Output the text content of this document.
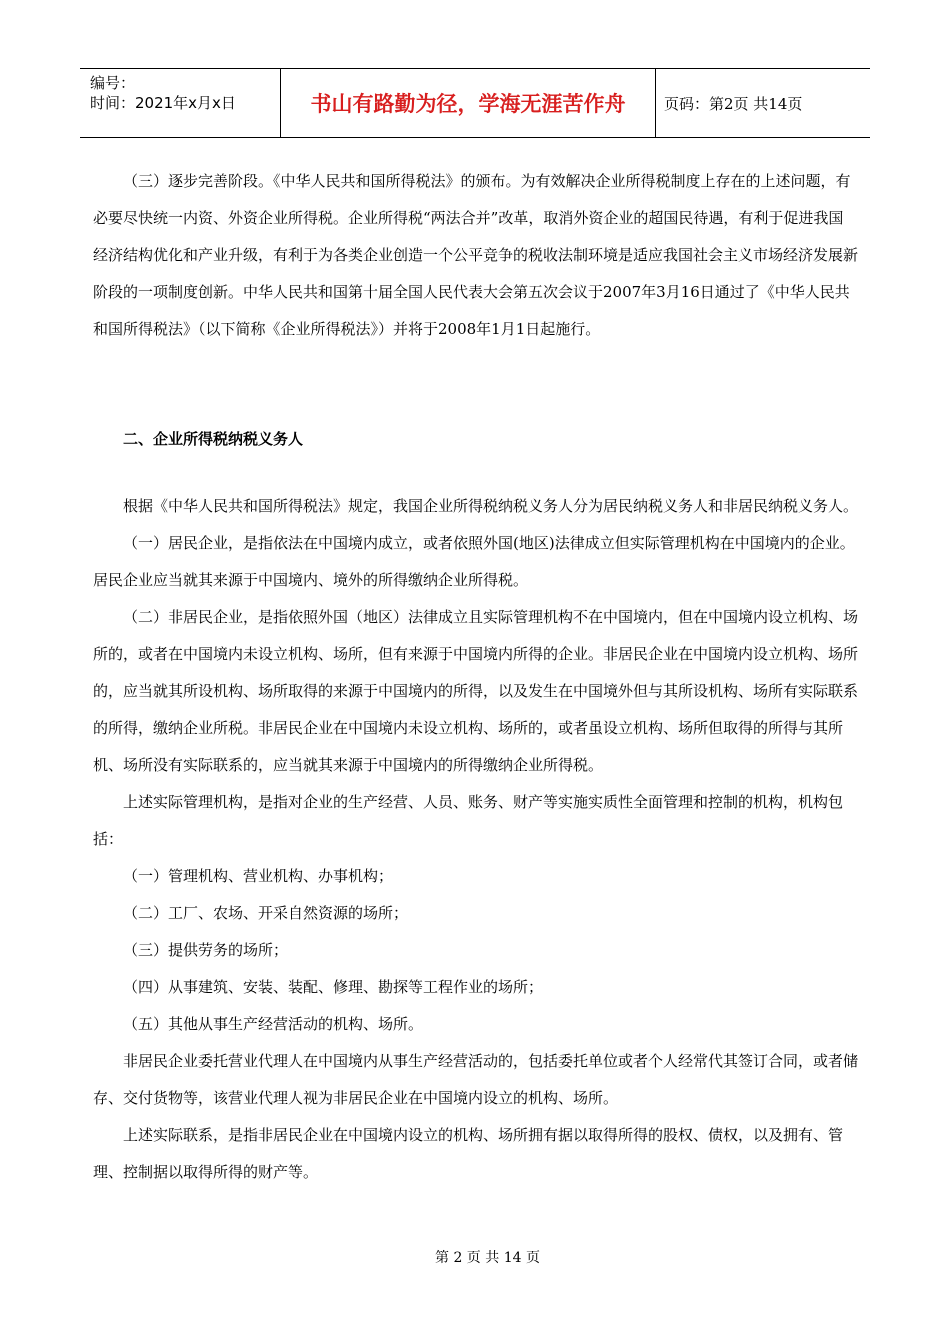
编号：
时间：2021年x月x日	书山有路勤为径，学海无涯苦作舟	页码：第2页 共14页

（三）逐步完善阶段。《中华人民共和国所得税法》的颁布。为有效解决企业所得税制度上存在的上述问题，有必要尽快统一内资、外资企业所得税。企业所得税“两法合并”改革，取消外资企业的超国民待遇，有利于促进我国经济结构优化和产业升级，有利于为各类企业创造一个公平竞争的税收法制环境是适应我国社会主义市场经济发展新阶段的一项制度创新。中华人民共和国第十届全国人民代表大会第五次会议于2007年3月16日通过了《中华人民共和国所得税法》（以下简称《企业所得税法》）并将于2008年1月1日起施行。

二、企业所得税纳税义务人

根据《中华人民共和国所得税法》规定，我国企业所得税纳税义务人分为居民纳税义务人和非居民纳税义务人。

（一）居民企业，是指依法在中国境内成立，或者依照外国(地区)法律成立但实际管理机构在中国境内的企业。居民企业应当就其来源于中国境内、境外的所得缴纳企业所得税。

（二）非居民企业，是指依照外国（地区）法律成立且实际管理机构不在中国境内，但在中国境内设立机构、场所的，或者在中国境内未设立机构、场所，但有来源于中国境内所得的企业。非居民企业在中国境内设立机构、场所的，应当就其所设机构、场所取得的来源于中国境内的所得，以及发生在中国境外但与其所设机构、场所有实际联系的所得，缴纳企业所税。非居民企业在中国境内未设立机构、场所的，或者虽设立机构、场所但取得的所得与其所机、场所没有实际联系的，应当就其来源于中国境内的所得缴纳企业所得税。

上述实际管理机构，是指对企业的生产经营、人员、账务、财产等实施实质性全面管理和控制的机构，机构包括：

（一）管理机构、营业机构、办事机构；

（二）工厂、农场、开采自然资源的场所；

（三）提供劳务的场所；

（四）从事建筑、安装、装配、修理、勘探等工程作业的场所；

（五）其他从事生产经营活动的机构、场所。

非居民企业委托营业代理人在中国境内从事生产经营活动的，包括委托单位或者个人经常代其签订合同，或者储存、交付货物等，该营业代理人视为非居民企业在中国境内设立的机构、场所。

上述实际联系，是指非居民企业在中国境内设立的机构、场所拥有据以取得所得的股权、债权，以及拥有、管理、控制据以取得所得的财产等。

第 2 页 共 14 页
